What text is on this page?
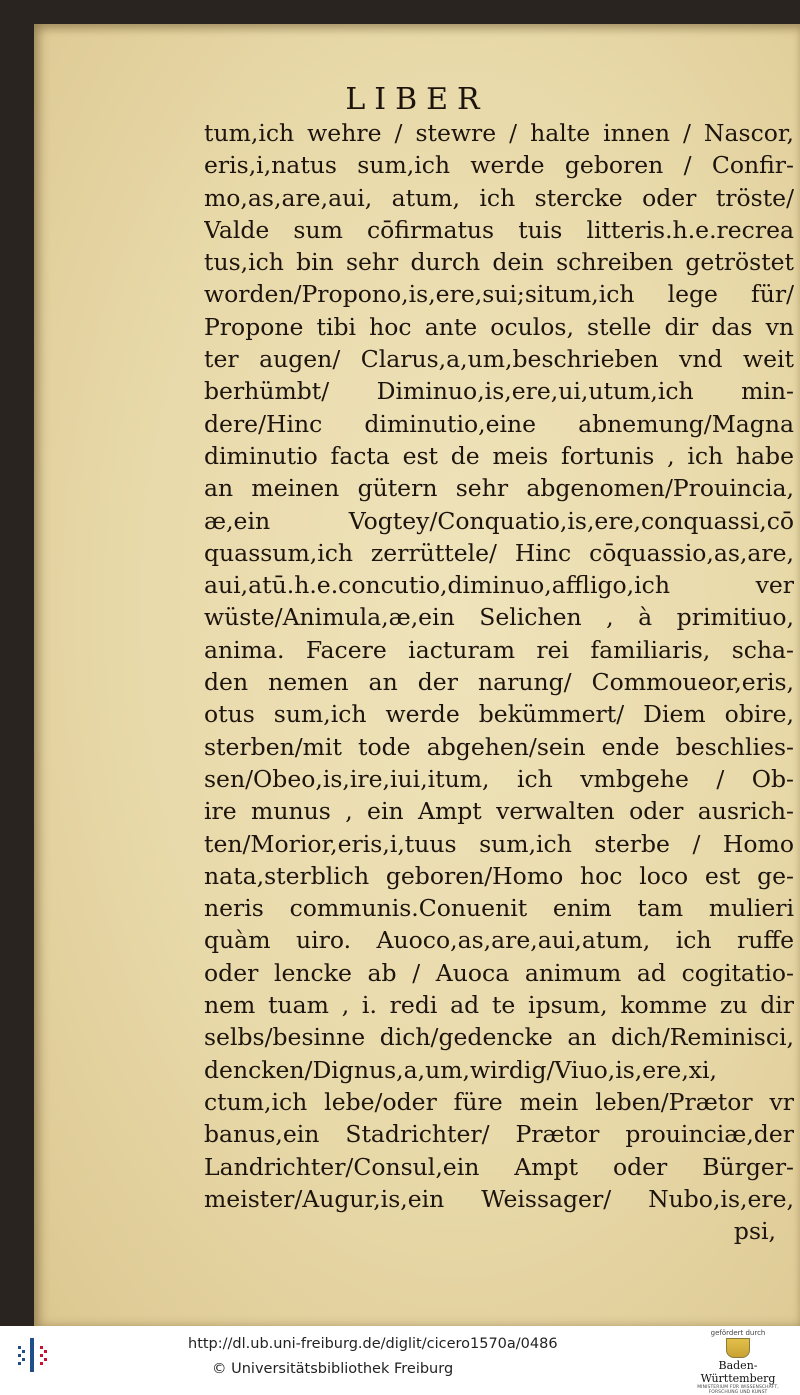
LIBER
tum,ich wehre / stewre / halte innen / Nascor,
eris,i,natus sum,ich werde geboren / Confir-
mo,as,are,aui, atum, ich stercke oder tröste/
Valde sum cōfirmatus tuis litteris.h.e.recrea
tus,ich bin sehr durch dein schreiben getröstet
worden/Propono,is,ere,sui;situm,ich lege für/
Propone tibi hoc ante oculos, stelle dir das vn
ter augen/ Clarus,a,um,beschrieben vnd weit
berhümbt/ Diminuo,is,ere,ui,utum,ich min-
dere/Hinc diminutio,eine abnemung/Magna
diminutio facta est de meis fortunis , ich habe
an meinen gütern sehr abgenomen/Prouincia,
æ,ein Vogtey/Conquatio,is,ere,conquassi,cō
quassum,ich zerrüttele/ Hinc cōquassio,as,are,
aui,atū.h.e.concutio,diminuo,affligo,ich ver
wüste/Animula,æ,ein Selichen , à primitiuo,
anima. Facere iacturam rei familiaris, scha-
den nemen an der narung/ Commoueor,eris,
otus sum,ich werde bekümmert/ Diem obire,
sterben/mit tode abgehen/sein ende beschlies-
sen/Obeo,is,ire,iui,itum, ich vmbgehe / Ob-
ire munus , ein Ampt verwalten oder ausrich-
ten/Morior,eris,i,tuus sum,ich sterbe / Homo
nata,sterblich geboren/Homo hoc loco est ge-
neris communis.Conuenit enim tam mulieri
quàm uiro. Auoco,as,are,aui,atum, ich ruffe
oder lencke ab / Auoca animum ad cogitatio-
nem tuam , i. redi ad te ipsum, komme zu dir
selbs/besinne dich/gedencke an dich/Reminisci,
dencken/Dignus,a,um,wirdig/Viuo,is,ere,xi,
ctum,ich lebe/oder füre mein leben/Prætor vr
banus,ein Stadrichter/ Prætor prouinciæ,der
Landrichter/Consul,ein Ampt oder Bürger-
meister/Augur,is,ein Weissager/ Nubo,is,ere,
psi,
http://dl.ub.uni-freiburg.de/diglit/cicero1570a/0486
© Universitätsbibliothek Freiburg
gefördert durch
Baden-Württemberg
MINISTERIUM FÜR WISSENSCHAFT, FORSCHUNG UND KUNST
